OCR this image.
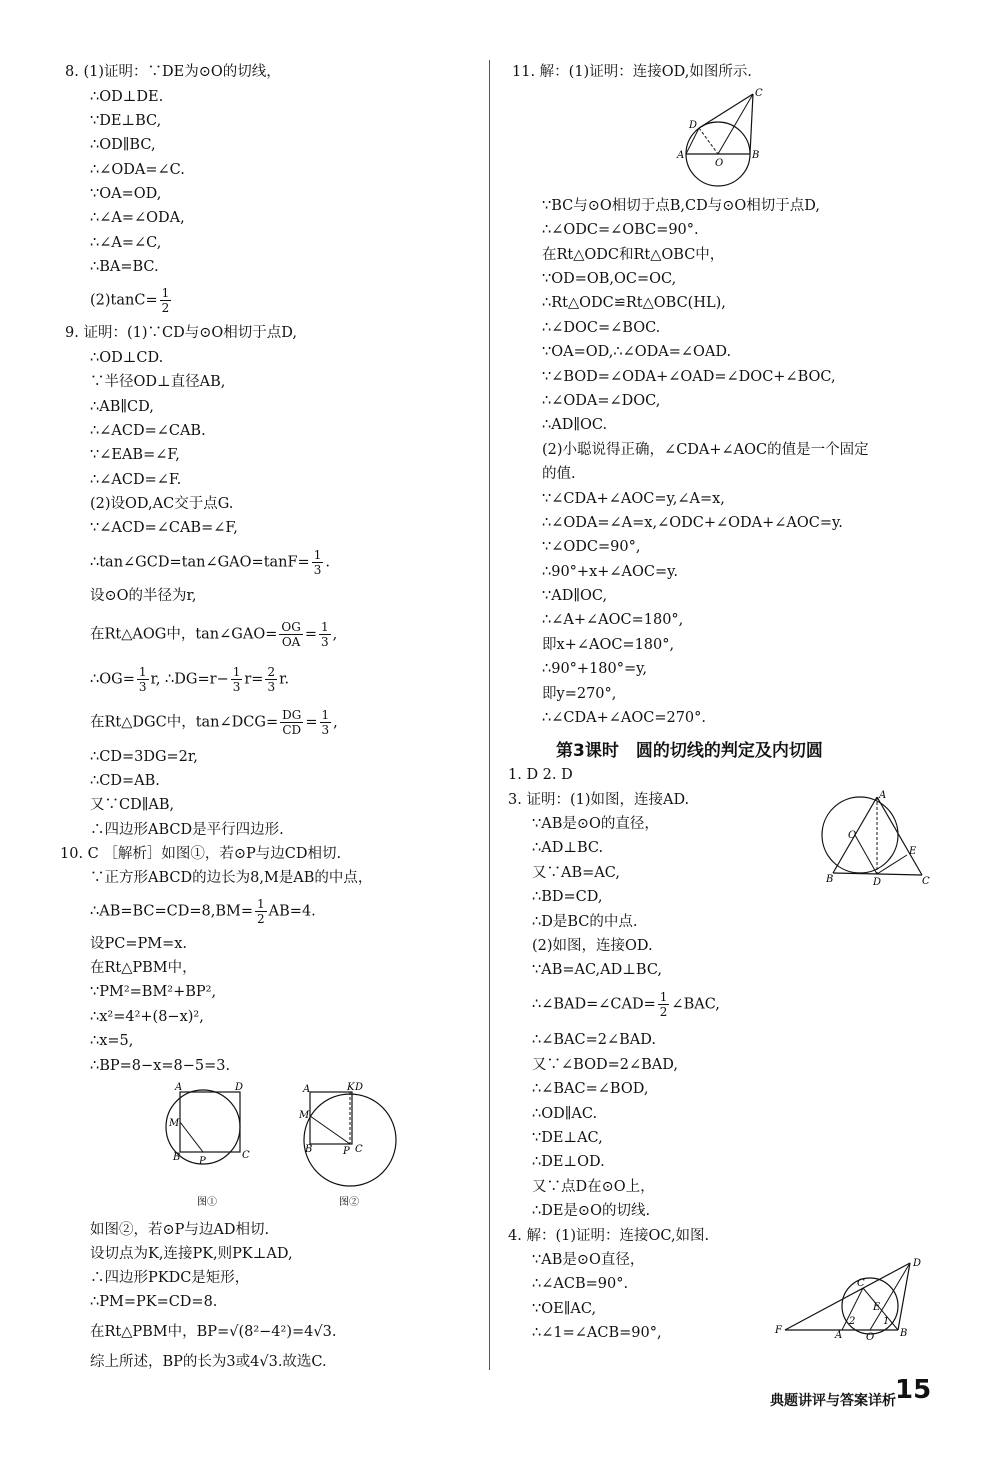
8. (1)证明：∵DE为⊙O的切线，
∴OD⊥DE.
∵DE⊥BC,
∴OD∥BC,
∴∠ODA=∠C.
∵OA=OD,
∴∠A=∠ODA,
∴∠A=∠C,
∴BA=BC.
$(2)\tan C= \frac{1}{2}$
9. 证明：(1)∵CD与⊙O相切于点D,
∴OD⊥CD.
∵半径OD⊥直径AB,
∴AB∥CD,
∴∠ACD=∠CAB.
∵∠EAB=∠F,
∴∠ACD=∠F.
(2)设OD,AC交于点G.
∵∠ACD=∠CAB=∠F,
∴tan∠GCD=tan∠GAO=tanF= $\frac{1}{3}$ .
设⊙O的半径为r,
在Rt△AOG中，tan∠GAO= $\frac{OG}{OA} = \frac{1}{3}$ ,
∴OG= $\frac{1}{3} r$, ∴DG=r− $\frac{1}{3} r= \frac{2}{3} r$.
在Rt△DGC中，tan∠DCG= $\frac{DG}{CD} = \frac{1}{3}$ ,
∴CD=3DG=2r,
∴CD=AB.
又∵CD∥AB,
∴四边形ABCD是平行四边形.
10. C ［解析］如图①，若⊙P与边CD相切.
∵正方形ABCD的边长为8,M是AB的中点，
∴AB=BC=CD=8,BM= $\frac{1}{2} AB=4$.
设PC=PM=x.
在Rt△PBM中，
∵PM²=BM²+BP²,
∴x²=4²+(8−x)²,
∴x=5,
∴BP=8−x=8−5=3.
A	D
M
B P
C
图①
A	K D
M
B	P C
图②
如图②，若⊙P与边AD相切.
设切点为K,连接PK,则PK⊥AD,
∴四边形PKDC是矩形，
∴PM=PK=CD=8.
在Rt△PBM中，BP=√(8²−4²)=4√3.
综上所述，BP的长为3或4√3.故选C.
11. 解：(1)证明：连接OD,如图所示.
C
D
A
O
B
∵BC与⊙O相切于点B,CD与⊙O相切于点D,
∴∠ODC=∠OBC=90°.
在Rt△ODC和Rt△OBC中，
∵OD=OB,OC=OC,
∴Rt△ODC≌Rt△OBC(HL),
∴∠DOC=∠BOC.
∵OA=OD,∴∠ODA=∠OAD.
∵∠BOD=∠ODA+∠OAD=∠DOC+∠BOC,
∴∠ODA=∠DOC,
∴AD∥OC.
(2)小聪说得正确，∠CDA+∠AOC的值是一个固定
的值.
∵∠CDA+∠AOC=y,∠A=x,
∴∠ODA=∠A=x,∠ODC+∠ODA+∠AOC=y.
∵∠ODC=90°,
∴90°+x+∠AOC=y.
∵AD∥OC,
∴∠A+∠AOC=180°,
即x+∠AOC=180°,
∴90°+180°=y,
即y=270°,
∴∠CDA+∠AOC=270°.
第3课时　圆的切线的判定及内切圆
1. D 2. D
3. 证明：(1)如图，连接AD.
∵AB是⊙O的直径，
∴AD⊥BC.
又∵AB=AC,
∴BD=CD,
∴D是BC的中点.
(2)如图，连接OD.
∵AB=AC,AD⊥BC,
∴∠BAD=∠CAD= $\frac{1}{2}$ ∠BAC,
∴∠BAC=2∠BAD.
又∵∠BOD=2∠BAD,
∴∠BAC=∠BOD,
∴OD∥AC.
∵DE⊥AC,
∴DE⊥OD.
又∵点D在⊙O上，
∴DE是⊙O的切线.
4. 解：(1)证明：连接OC,如图.
∵AB是⊙O直径，
∴∠ACB=90°.
∵OE∥AC,
∴∠1=∠ACB=90°,
A
O
E
B	D	C
D
C
E
F	A O	B
2	1
典题讲评与答案详析 15
